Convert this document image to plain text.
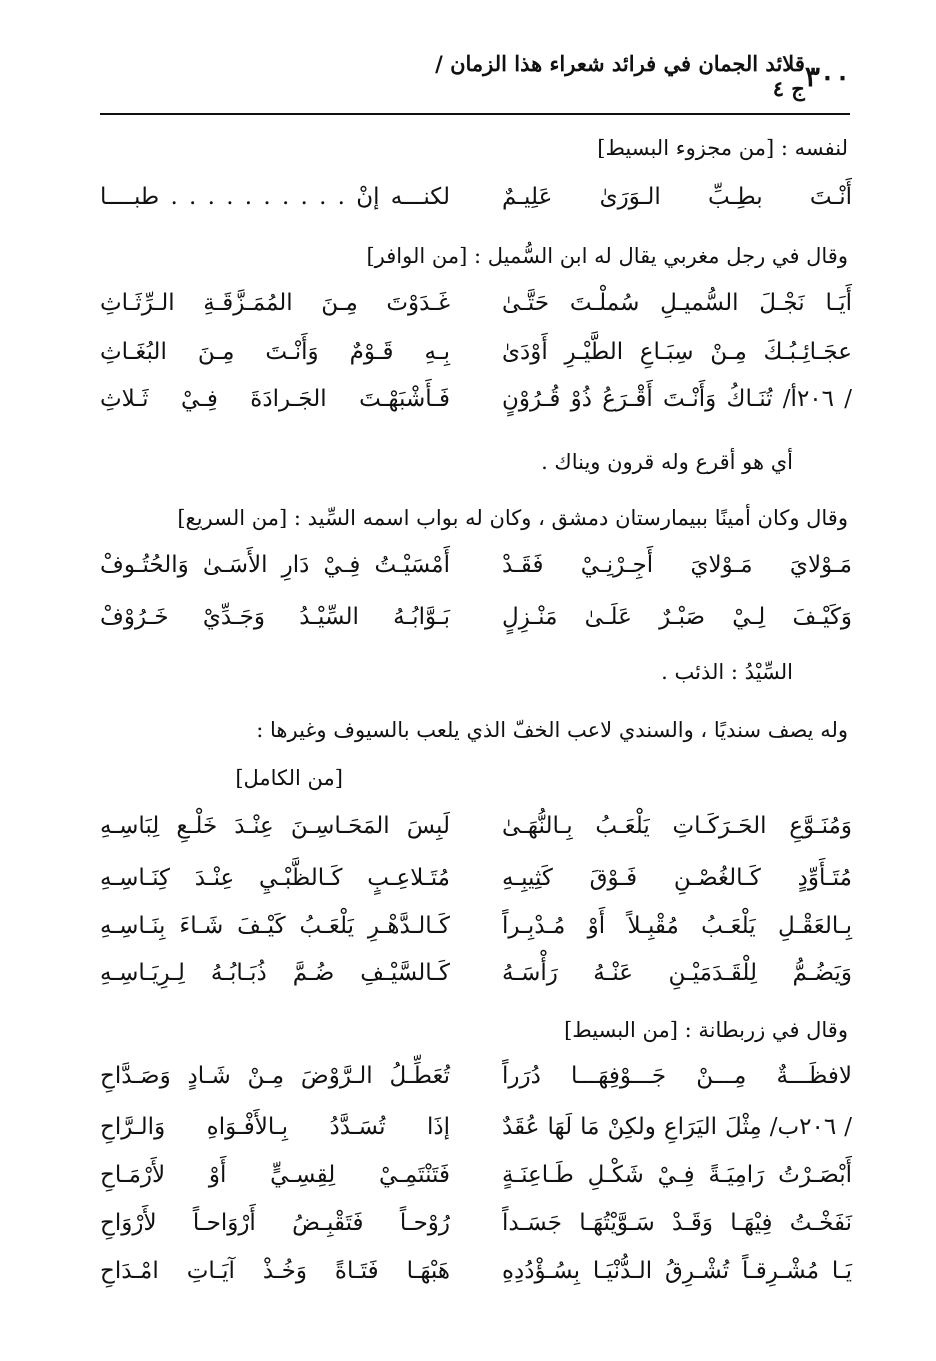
٣٠٠
قلائد الجمان في فرائد شعراء هذا الزمان / ج ٤
لنفسه : [من مجزوء البسيط]
أَنْـتَ بطِـبِّ الـوَرَىٰ عَلِيـمٌ
لكنـــه إنْ . . . . . . . . . . طبــــا
وقال في رجل مغربي يقال له ابن السُّميل : [من الوافر]
أَيَـا نَجْـلَ السُّميـلِ سُملْـتَ حَتَّـىٰ
غَـدَوْتَ مِـنَ المُمَـزَّقَـةِ الـرِّثَـاثِ
عجَـائِـبُـكَ مِـنْ سِبَـاعِ الطَّيْـرِ أَوْدَىٰ
بِـهِ قَـوْمٌ وَأَنْـتَ مِـنَ البُغَـاثِ
/ ٢٠٦أ/ تُنَـاكُ وَأَنْـتَ أَقْـرَعُ ذُوْ قُـرُوْنٍ
فَـأَشْبَهْـتَ الجَـرادَةَ فِـيْ ثَـلاثِ
أي هو أقرع وله قرون ويناك .
وقال وكان أمينًا ببيمارستان دمشق ، وكان له بواب اسمه السِّيد : [من السريع]
مَـوْلايَ مَـوْلايَ أَجِـرْنِـيْ فَقَـدْ
أَمْسَيْـتُ فِـيْ دَارِ الأَسَـىٰ وَالحُتُـوفْ
وَكَيْـفَ لِـيْ صَبْـرٌ عَلَـىٰ مَنْـزِلٍ
بَـوَّابُـهُ السِّيْـدُ وَجَـدِّيْ خَـرُوْفْ
السِّيْدُ : الذئب .
وله يصف سنديًا ، والسندي لاعب الخفّ الذي يلعب بالسيوف وغيرها :
[من الكامل]
وَمُنَـوَّعِ الحَـرَكَـاتِ يَلْعَـبُ بِـالنُّهَـىٰ
لَبِسَ المَحَـاسِـنَ عِنْـدَ خَلْـعِ لِبَاسِـهِ
مُتَـأَوِّدٍ كَـالغُصْـنِ فَـوْقَ كَثِيبِـهِ
مُتَـلاعِـبٍ كَـالظَّبْـيِ عِنْـدَ كِنَـاسِـهِ
بِـالعَقْـلِ يَلْعَـبُ مُقْبِـلاً أَوْ مُـدْبِـراً
كَـالـدَّهْـرِ يَلْعَـبُ كَيْـفَ شَـاءَ بِنَـاسِـهِ
وَيَضُـمُّ لِلْقَـدَمَيْـنِ عَنْـهُ رَأْسَـهُ
كَـالسَّيْـفِ ضُـمَّ ذُبَـابُـهُ لِـرِيَـاسِـهِ
وقال في زربطانة : [من البسيط]
لافظَـــةٌ مِـــنْ جَـــوْفِهَـــا دُرَراً
تُعَطِّـلُ الـرَّوْضَ مِـنْ شَـادٍ وَصَـدَّاحِ
/ ٢٠٦ب/ مِثْلَ اليَرَاعِ ولكِنْ مَا لَهَا عُقَدٌ
إذَا تُسَـدَّدُ بِـالأَفْـوَاهِ وَالـرَّاحِ
أَبْصَـرْتُ رَامِيَـةً فِـيْ شَكْـلِ طَـاعِنَـةٍ
فَتَنْتَمِـيْ لِقِسِـيٍّ أَوْ لأَرْمَـاحِ
نَفَخْـتُ فِيْهَـا وَقَـدْ سَـوَّيْتُهَـا جَسَـداً
رُوْحـاً فَتَقْبِـضُ أَرْوَاحـاً لأَرْوَاحِ
يَـا مُشْـرِقـاً تُشْـرِقُ الـدُّنْيَـا بِسُـؤْدُدِهِ
هَبْهَـا فَتَـاةً وَخُـذْ آيَـاتِ امْـدَاحِ
